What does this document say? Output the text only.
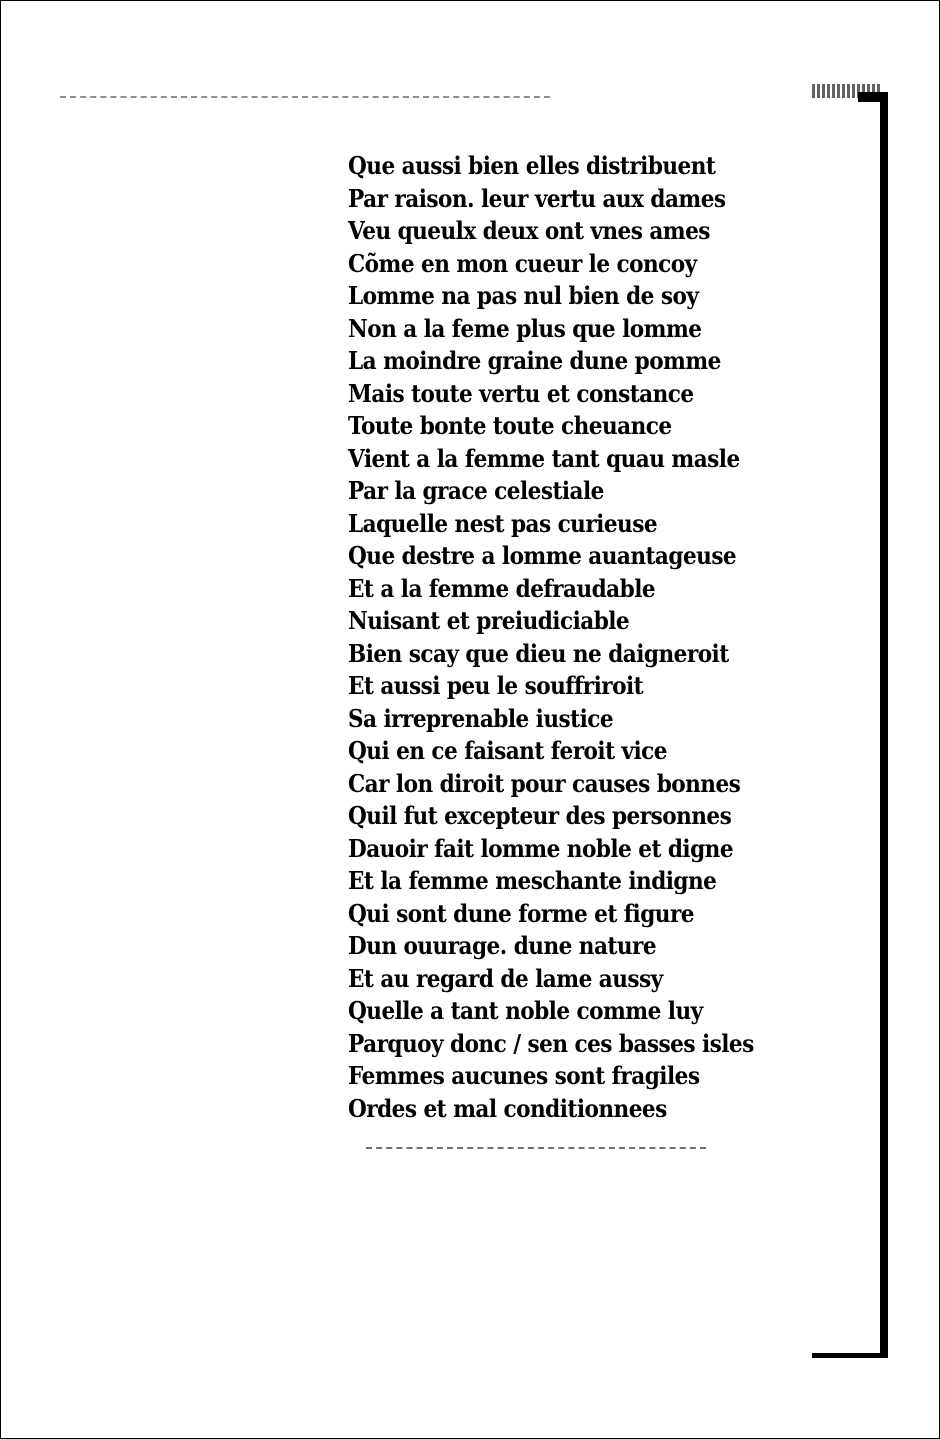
Que aussi bien elles distribuent
Par raison. leur vertu aux dames
Veu queulx deux ont vnes ames
Cõme en mon cueur le concoy
Lomme na pas nul bien de soy
Non a la feme plus que lomme
La moindre graine dune pomme
Mais toute vertu et constance
Toute bonte toute cheuance
Vient a la femme tant quau masle
Par la grace celestiale
Laquelle nest pas curieuse
Que destre a lomme auantageuse
Et a la femme defraudable
Nuisant et preiudiciable
Bien scay que dieu ne daigneroit
Et aussi peu le souffriroit
Sa irreprenable iustice
Qui en ce faisant feroit vice
Car lon diroit pour causes bonnes
Quil fut excepteur des personnes
Dauoir fait lomme noble et digne
Et la femme meschante indigne
Qui sont dune forme et figure
Dun ouurage. dune nature
Et au regard de lame aussy
Quelle a tant noble comme luy
Parquoy donc / sen ces basses isles
Femmes aucunes sont fragiles
Ordes et mal conditionnees
